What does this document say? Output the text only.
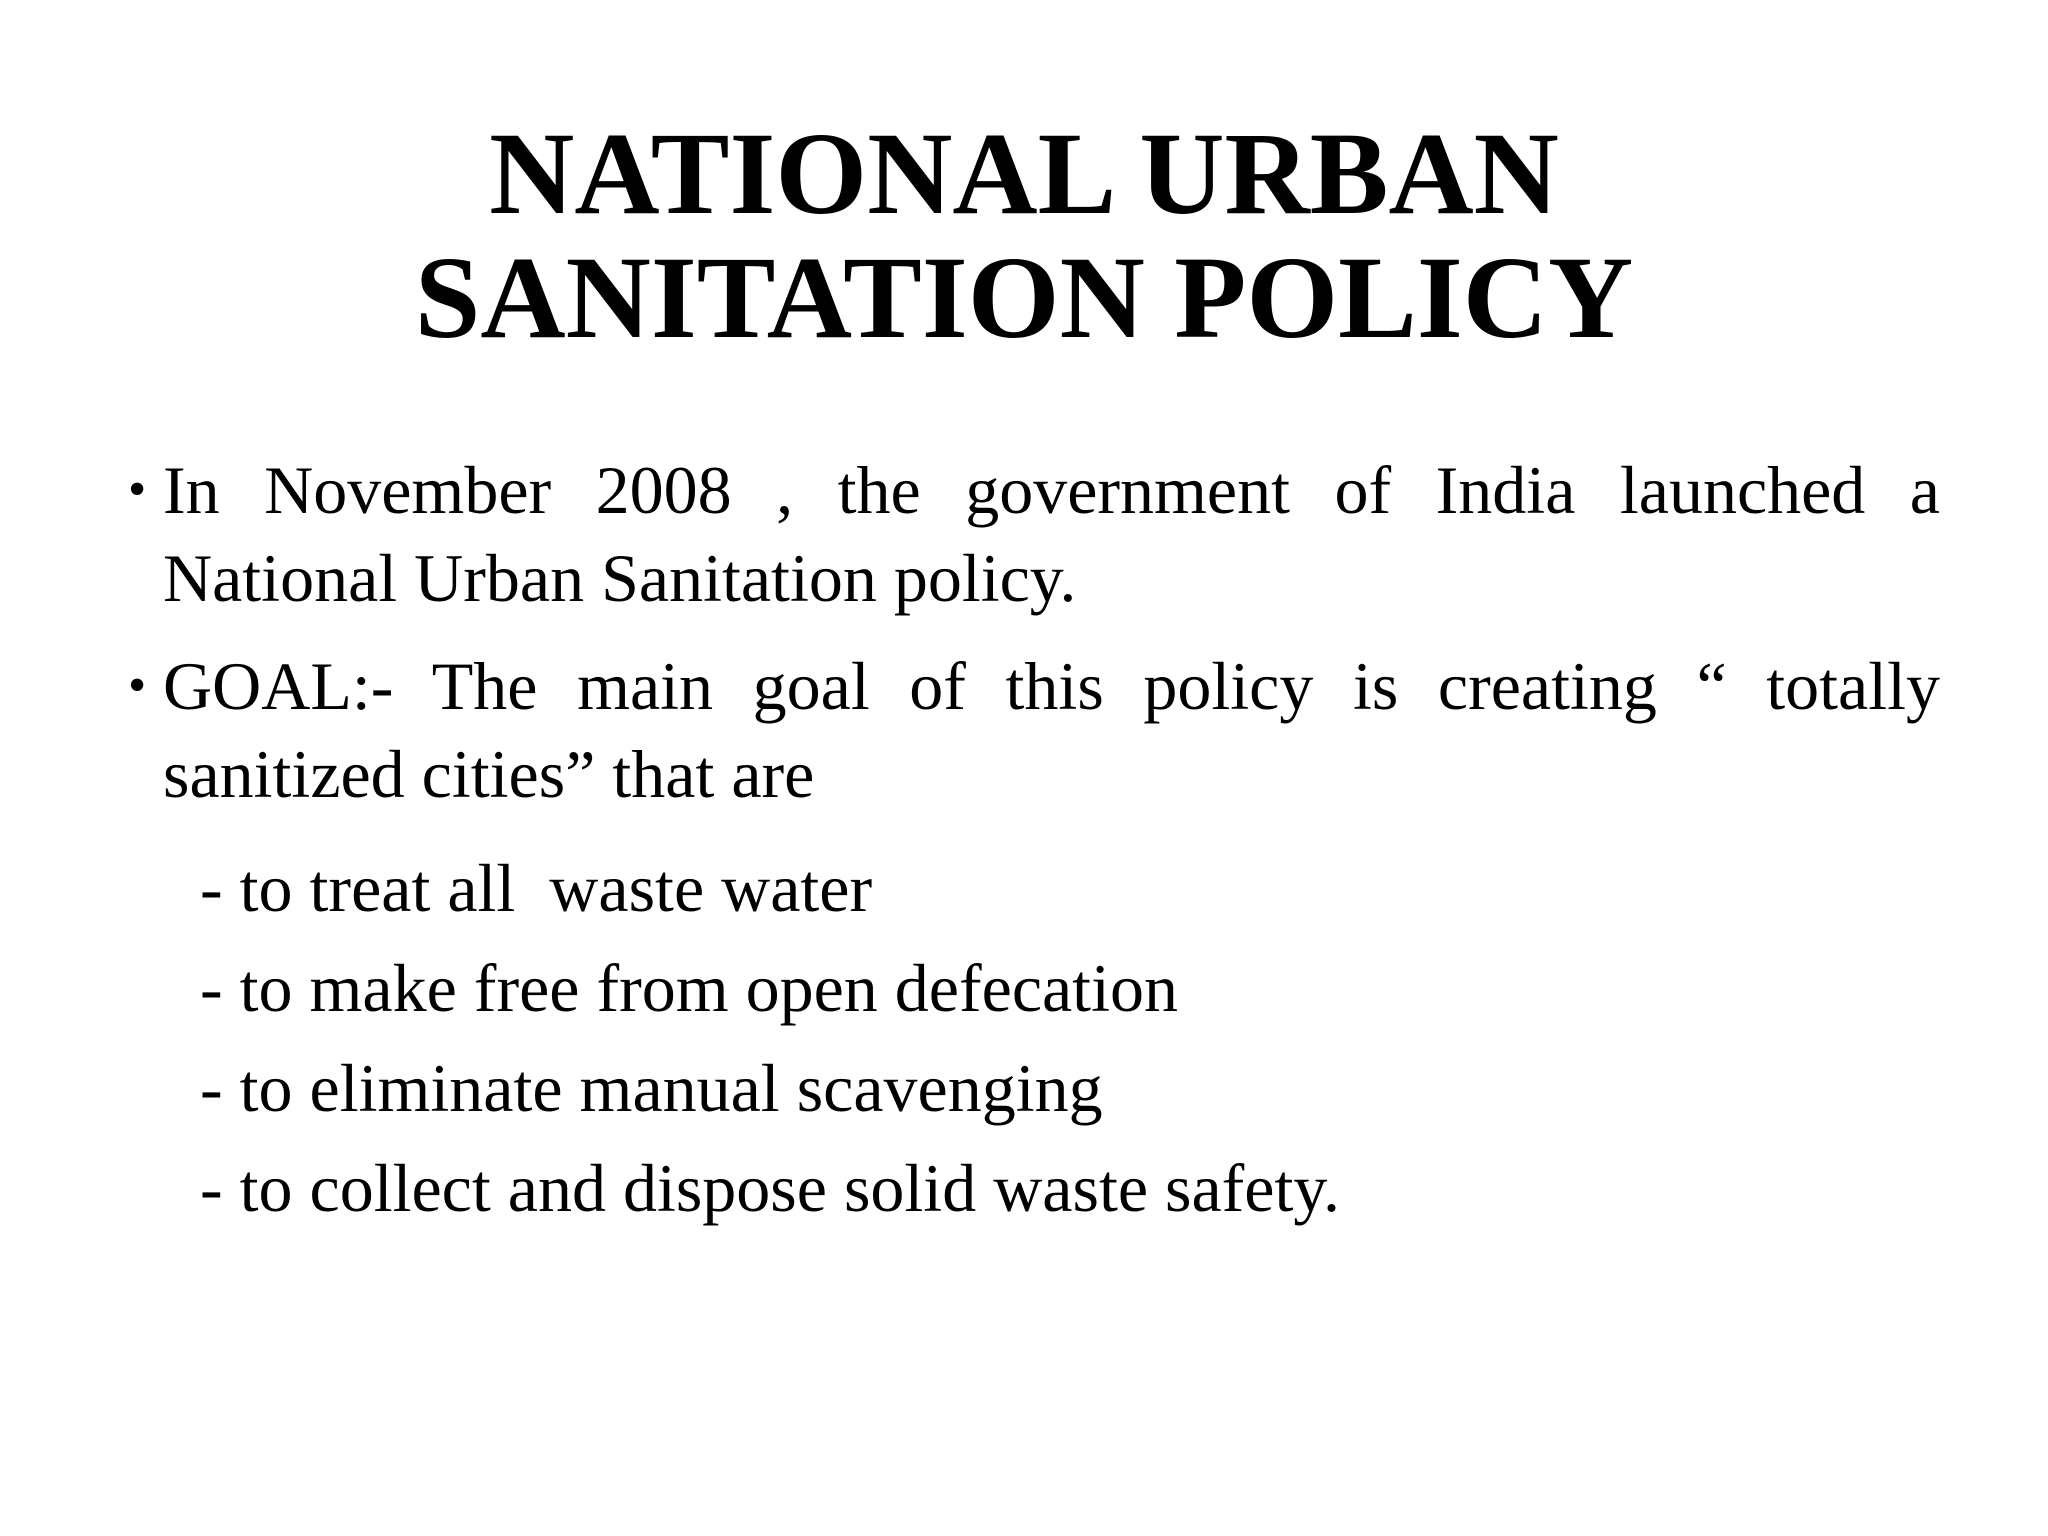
NATIONAL URBAN
SANITATION POLICY

• In November 2008 , the government of India launched a National Urban Sanitation policy.

• GOAL:- The main goal of this policy is creating “ totally sanitized cities” that are

- to treat all  waste water
- to make free from open defecation
- to eliminate manual scavenging
- to collect and dispose solid waste safety.
